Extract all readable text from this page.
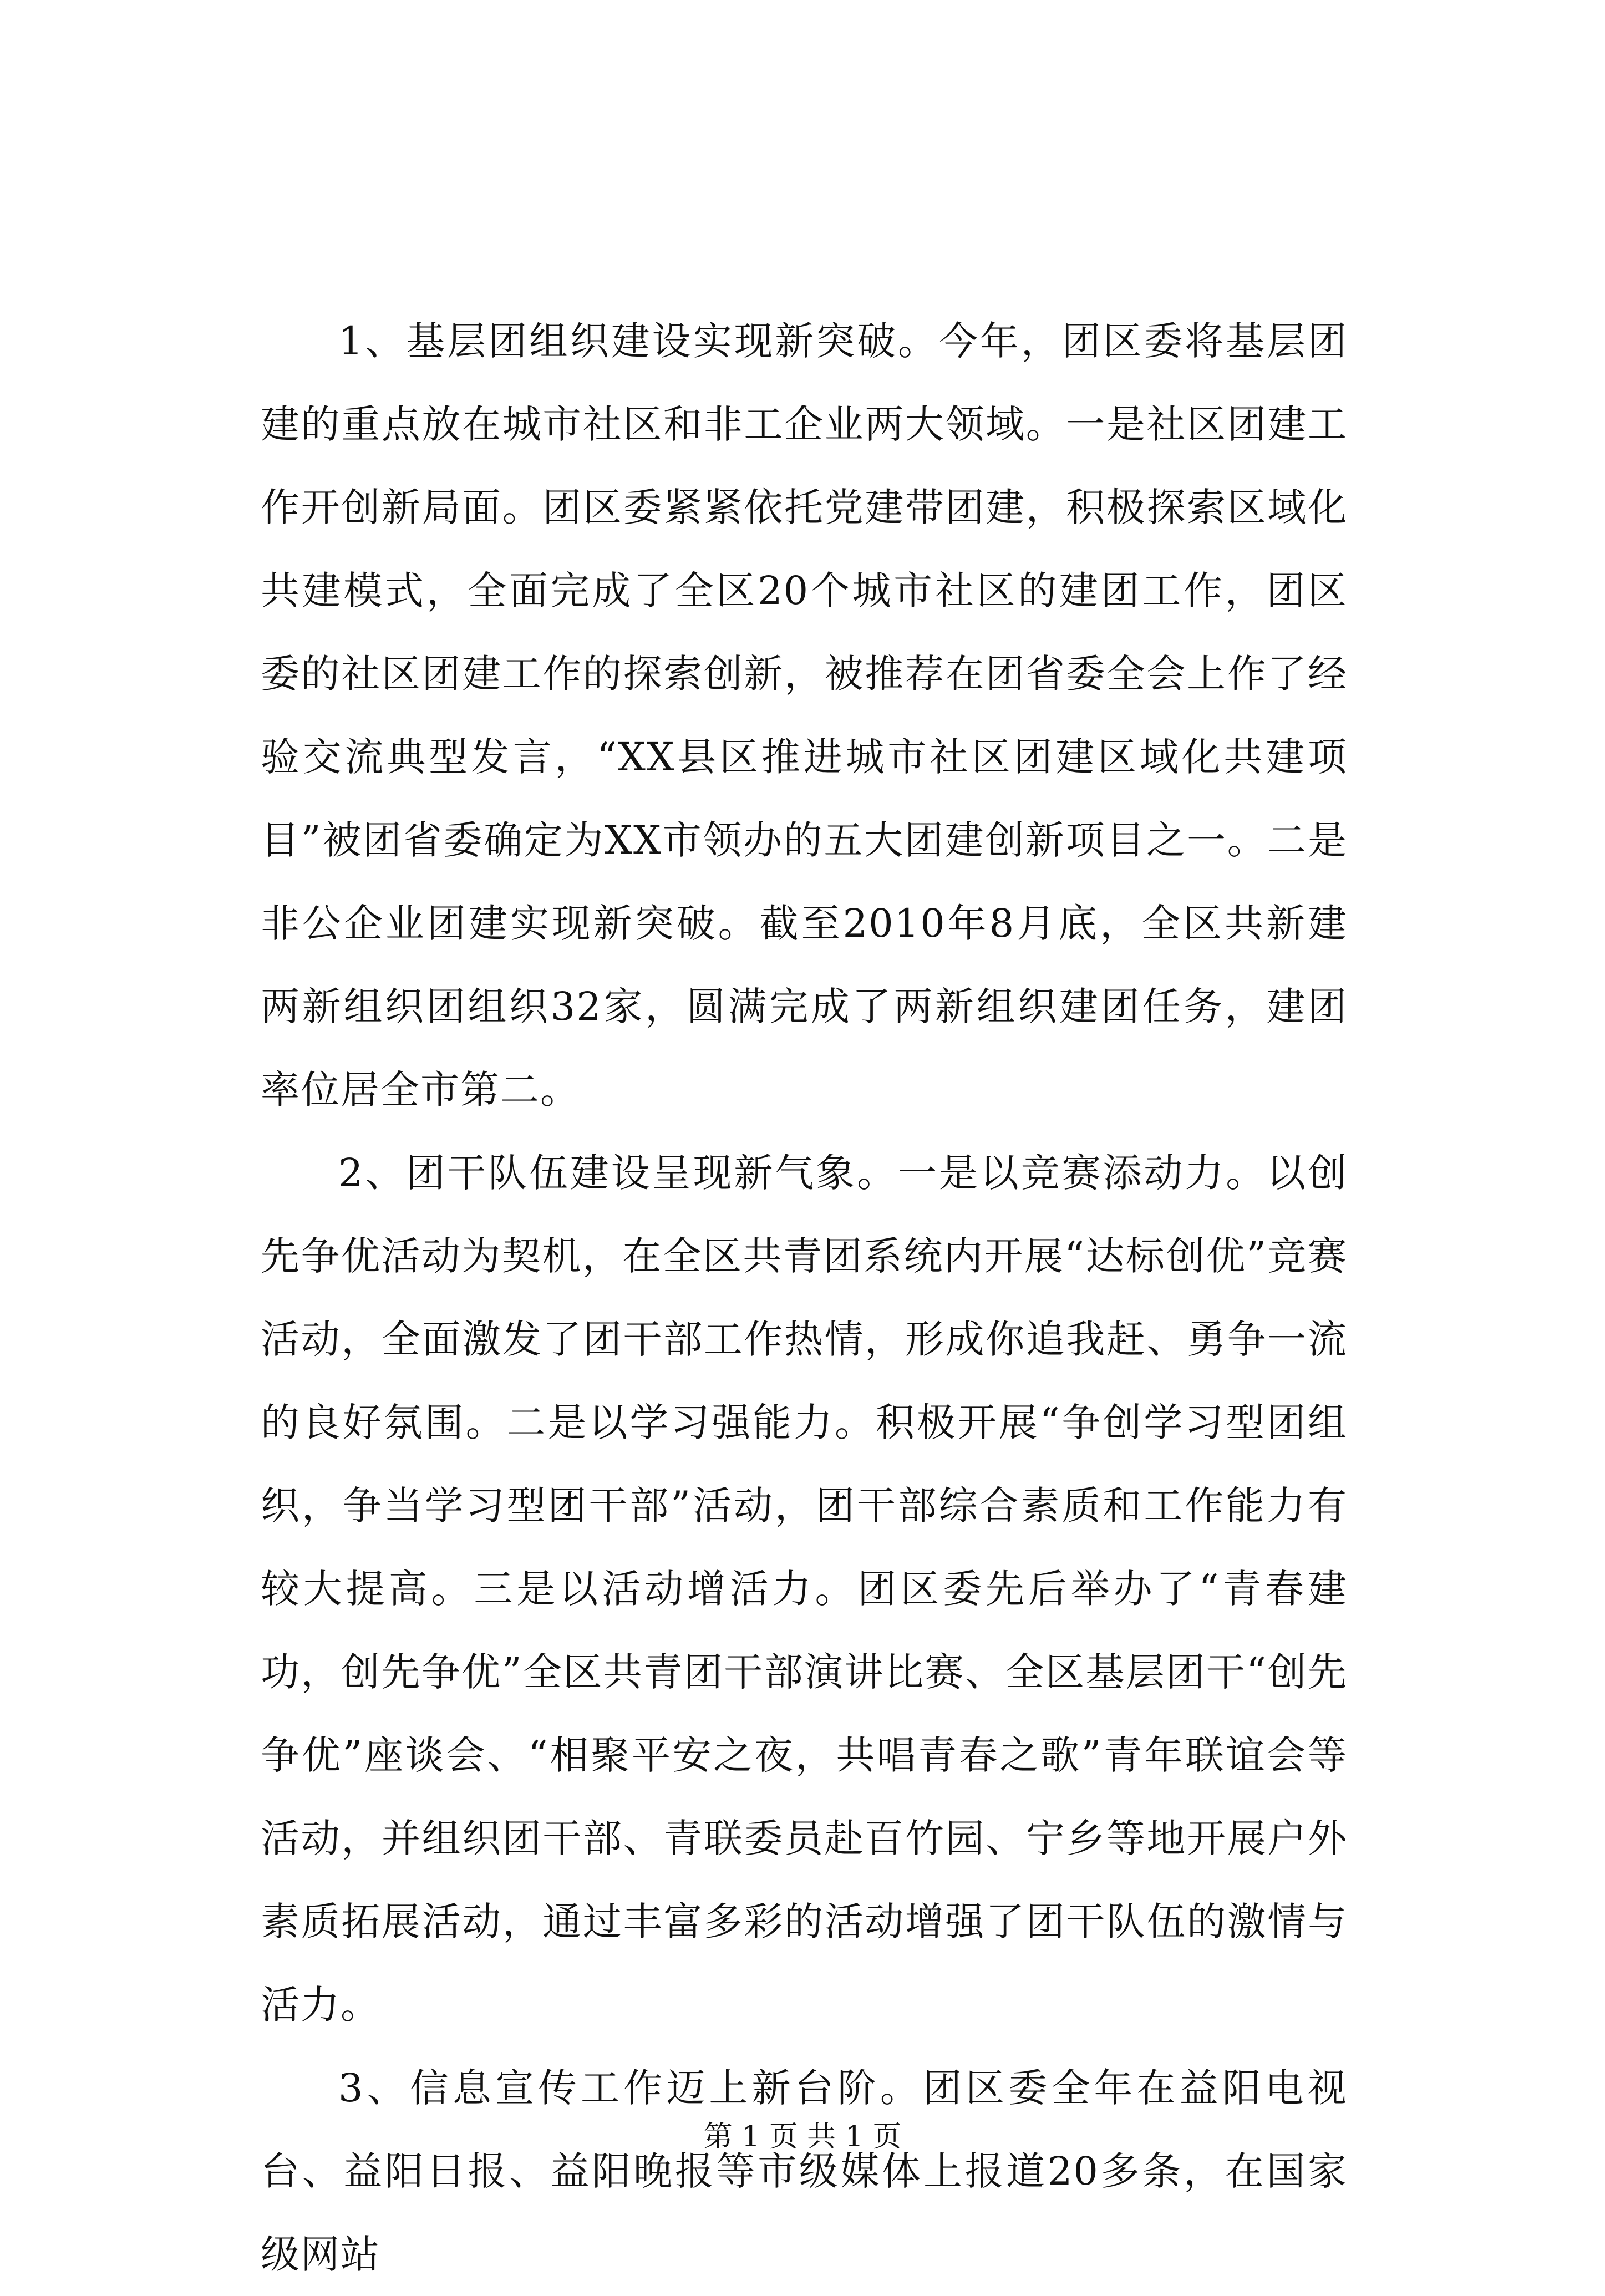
1、基层团组织建设实现新突破。今年，团区委将基层团建的重点放在城市社区和非工企业两大领域。一是社区团建工作开创新局面。团区委紧紧依托党建带团建，积极探索区域化共建模式，全面完成了全区20个城市社区的建团工作，团区委的社区团建工作的探索创新，被推荐在团省委全会上作了经验交流典型发言，“XX县区推进城市社区团建区域化共建项目”被团省委确定为XX市领办的五大团建创新项目之一。二是非公企业团建实现新突破。截至2010年8月底，全区共新建两新组织团组织32家，圆满完成了两新组织建团任务，建团率位居全市第二。

2、团干队伍建设呈现新气象。一是以竞赛添动力。以创先争优活动为契机，在全区共青团系统内开展“达标创优”竞赛活动，全面激发了团干部工作热情，形成你追我赶、勇争一流的良好氛围。二是以学习强能力。积极开展“争创学习型团组织，争当学习型团干部”活动，团干部综合素质和工作能力有较大提高。三是以活动增活力。团区委先后举办了“青春建功，创先争优”全区共青团干部演讲比赛、全区基层团干“创先争优”座谈会、“相聚平安之夜，共唱青春之歌”青年联谊会等活动，并组织团干部、青联委员赴百竹园、宁乡等地开展户外素质拓展活动，通过丰富多彩的活动增强了团干队伍的激情与活力。

3、信息宣传工作迈上新台阶。团区委全年在益阳电视台、益阳日报、益阳晚报等市级媒体上报道20多条，在国家级网站

第 1 页 共 1 页
